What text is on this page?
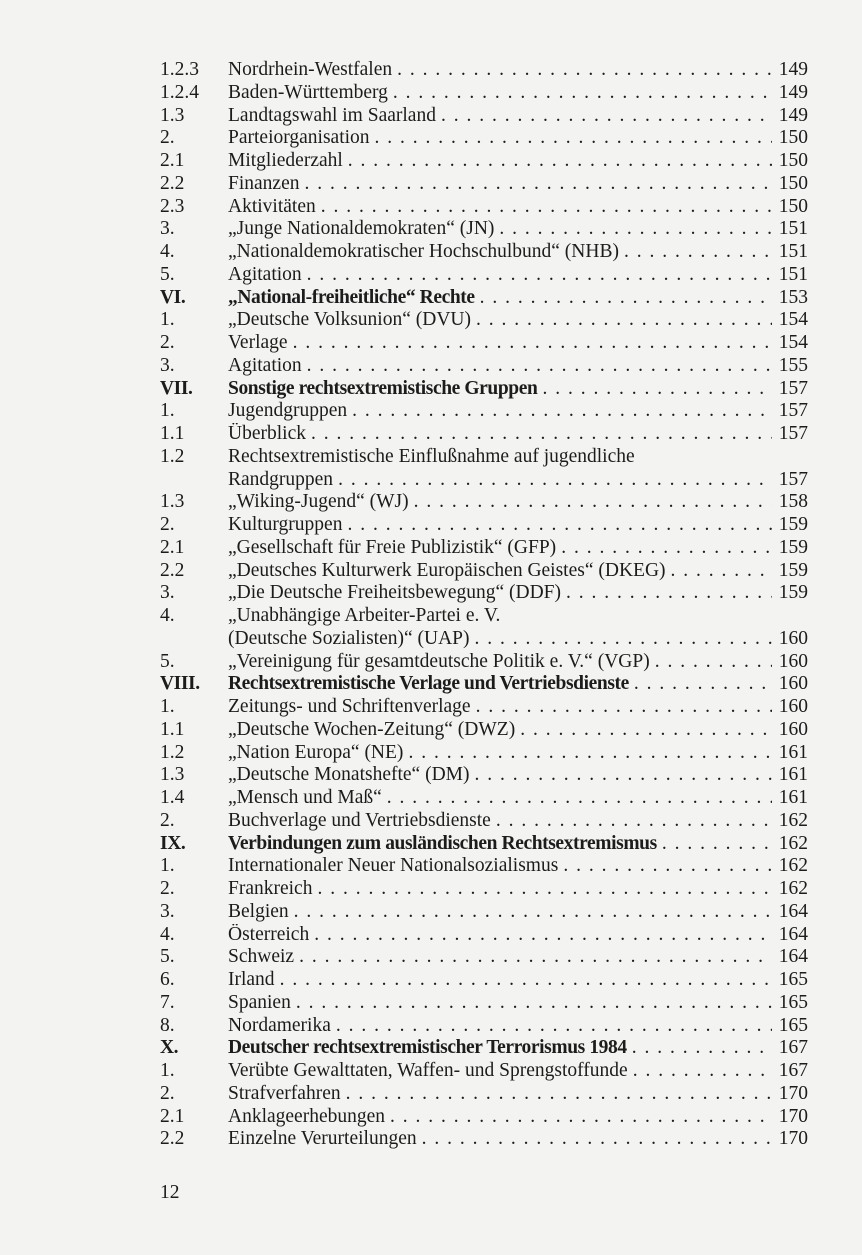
1.2.3	Nordrhein-Westfalen . . .	149
1.2.4	Baden-Württemberg . . .	149
1.3	Landtagswahl im Saarland . . .	149
2.	Parteiorganisation . . .	150
2.1	Mitgliederzahl . . .	150
2.2	Finanzen . . .	150
2.3	Aktivitäten . . .	150
3.	„Junge Nationaldemokraten“ (JN) . . .	151
4.	„Nationaldemokratischer Hochschulbund“ (NHB) . . .	151
5.	Agitation . . .	151
VI.	„National-freiheitliche“ Rechte . . .	153
1.	„Deutsche Volksunion“ (DVU) . . .	154
2.	Verlage . . .	154
3.	Agitation . . .	155
VII.	Sonstige rechtsextremistische Gruppen . . .	157
1.	Jugendgruppen . . .	157
1.1	Überblick . . .	157
1.2	Rechtsextremistische Einflußnahme auf jugendliche
Randgruppen . . .	157
1.3	„Wiking-Jugend“ (WJ) . . .	158
2.	Kulturgruppen . . .	159
2.1	„Gesellschaft für Freie Publizistik“ (GFP) . . .	159
2.2	„Deutsches Kulturwerk Europäischen Geistes“ (DKEG) . . .	159
3.	„Die Deutsche Freiheitsbewegung“ (DDF) . . .	159
4.	„Unabhängige Arbeiter-Partei e. V.
(Deutsche Sozialisten)“ (UAP) . . .	160
5.	„Vereinigung für gesamtdeutsche Politik e. V.“ (VGP) . . .	160
VIII.	Rechtsextremistische Verlage und Vertriebsdienste . . .	160
1.	Zeitungs- und Schriftenverlage . . .	160
1.1	„Deutsche Wochen-Zeitung“ (DWZ) . . .	160
1.2	„Nation Europa“ (NE) . . .	161
1.3	„Deutsche Monatshefte“ (DM) . . .	161
1.4	„Mensch und Maß“ . . .	161
2.	Buchverlage und Vertriebsdienste . . .	162
IX.	Verbindungen zum ausländischen Rechtsextremismus . . .	162
1.	Internationaler Neuer Nationalsozialismus . . .	162
2.	Frankreich . . .	162
3.	Belgien . . .	164
4.	Österreich . . .	164
5.	Schweiz . . .	164
6.	Irland . . .	165
7.	Spanien . . .	165
8.	Nordamerika . . .	165
X.	Deutscher rechtsextremistischer Terrorismus 1984 . . .	167
1.	Verübte Gewalttaten, Waffen- und Sprengstoffunde . . .	167
2.	Strafverfahren . . .	170
2.1	Anklageerhebungen . . .	170
2.2	Einzelne Verurteilungen . . .	170
12
